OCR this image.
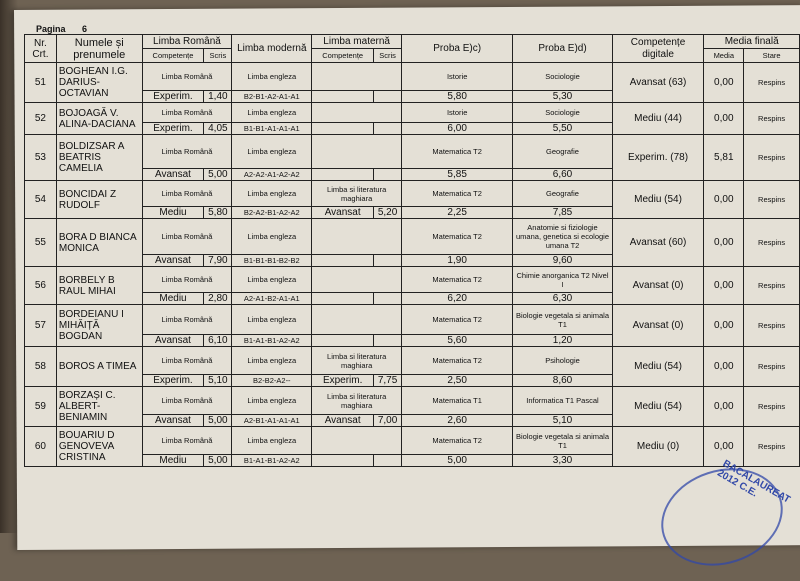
Pagina 6
Nr. Crt.	Numele și prenumele	Limba Română		Limba modernă	Limba maternă		Proba E)c)	Proba E)d)	Competențe digitale	Media finală	
		Competențe	Scris		Competențe	Scris				Media	Stare
51	BOGHEAN I.G. DARIUS-OCTAVIAN	Limba Română		Limba engleza			Istorie	Sociologie	Avansat (63)	0,00	Respins
		Experim.	1,40	B2-B1-A2-A1-A1			5,80	5,30			
52	BOJOAGĂ V. ALINA-DACIANA	Limba Română		Limba engleza			Istorie	Sociologie	Mediu (44)	0,00	Respins
		Experim.	4,05	B1-B1-A1-A1-A1			6,00	5,50			
53	BOLDIZSAR A BEATRIS CAMELIA	Limba Română		Limba engleza			Matematica T2	Geografie	Experim. (78)	5,81	Respins
		Avansat	5,00	A2-A2-A1-A2-A2			5,85	6,60			
54	BONCIDAI Z RUDOLF	Limba Română		Limba engleza	Limba si literatura maghiara		Matematica T2	Geografie	Mediu (54)	0,00	Respins
		Mediu	5,80	B2-A2-B1-A2-A2	Avansat	5,20	2,25	7,85			
55	BORA D BIANCA MONICA	Limba Română		Limba engleza			Matematica T2	Anatomie si fiziologie umana, genetica si ecologie umana T2	Avansat (60)	0,00	Respins
		Avansat	7,90	B1-B1-B1-B2-B2			1,90	9,60			
56	BORBELY B RAUL MIHAI	Limba Română		Limba engleza			Matematica T2	Chimie anorganica T2 Nivel I	Avansat (0)	0,00	Respins
		Mediu	2,80	A2-A1-B2-A1-A1			6,20	6,30			
57	BORDEIANU I MIHĂIȚĂ BOGDAN	Limba Română		Limba engleza			Matematica T2	Biologie vegetala si animala T1	Avansat (0)	0,00	Respins
		Avansat	6,10	B1-A1-B1-A2-A2			5,60	1,20			
58	BOROS A TIMEA	Limba Română		Limba engleza	Limba si literatura maghiara		Matematica T2	Psihologie	Mediu (54)	0,00	Respins
		Experim.	5,10	B2-B2-A2--	Experim.	7,75	2,50	8,60			
59	BORZAȘI C. ALBERT-BENIAMIN	Limba Română		Limba engleza	Limba si literatura maghiara		Matematica T1	Informatica T1 Pascal	Mediu (54)	0,00	Respins
		Avansat	5,00	A2-B1-A1-A1-A1	Avansat	7,00	2,60	5,10			
60	BOUARIU D GENOVEVA CRISTINA	Limba Română		Limba engleza			Matematica T2	Biologie vegetala si animala T1	Mediu (0)	0,00	Respins
		Mediu	5,00	B1-A1-B1-A2-A2			5,00	3,30				BACALAUREAT 2012 C.E.
